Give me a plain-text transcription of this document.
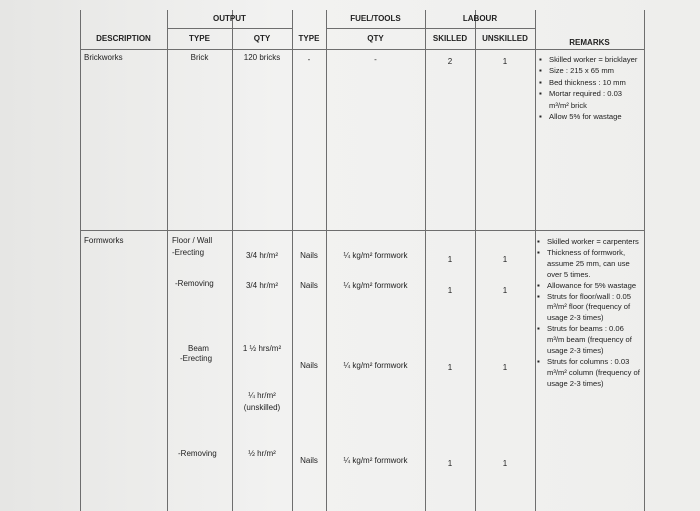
OUTPUT	FUEL/TOOLS	LABOUR
DESCRIPTION	TYPE	QTY	TYPE	QTY	SKILLED	UNSKILLED	REMARKS
Brickworks	Brick	120 bricks	-	-	2	1
▪	Skilled worker = bricklayer
▪ Size : 215 x 65 mm
▪ Bed thickness : 10 mm
▪ Mortar required : 0.03 m³/m² brick
▪ Allow 5% for wastage
Formworks	Floor / Wall
-Erecting	3/4 hr/m²	Nails	¼ kg/m² formwork	1	1
-Removing	3/4 hr/m²	Nails	¼ kg/m² formwork
1	1
Beam
-Erecting
1 ½ hrs/m²
Nails	¼ kg/m² formwork	1	1
¼ hr/m²
(unskilled)
-Removing	½ hr/m²
Nails	¼ kg/m² formwork	1	1
▪ Skilled worker = carpenters
▪ Thickness of formwork, assume 25 mm, can use over 5 times.
▪ Allowance for 5% wastage
▪ Struts for floor/wall : 0.05 m³/m² floor (frequency of usage 2-3 times)
▪ Struts for beams : 0.06 m³/m beam (frequency of usage 2-3 times)
▪ Struts for columns : 0.03 m³/m² column (frequency of usage 2-3 times)
